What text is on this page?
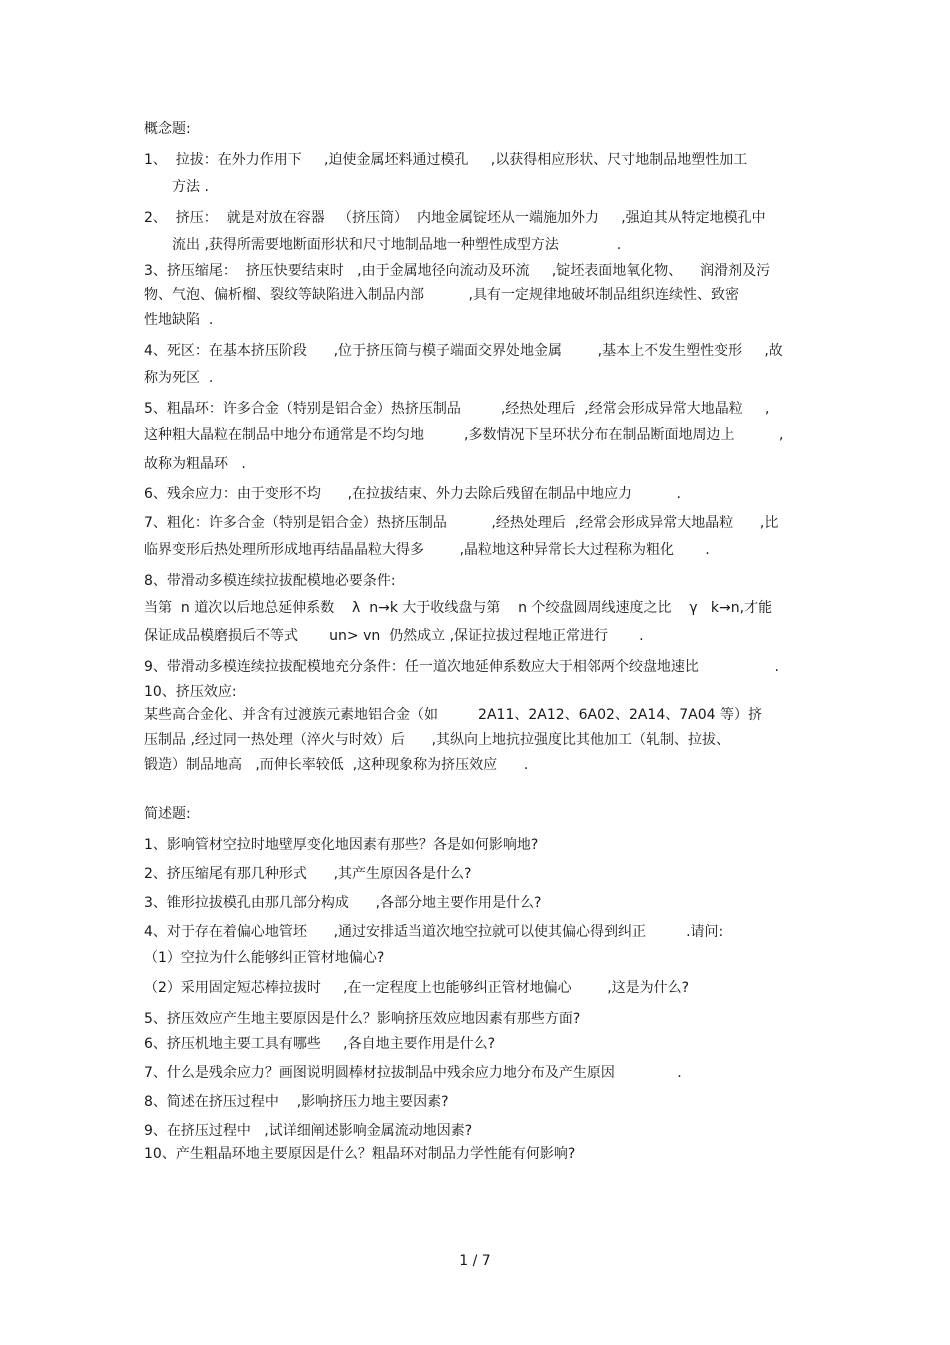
概念题:
1、  拉拔：在外力作用下     ,迫使金属坯料通过模孔     ,以获得相应形状、尺寸地制品地塑性加工
方法 .
2、  挤压：  就是对放在容器   （挤压筒）  内地金属锭坯从一端施加外力     ,强迫其从特定地模孔中
流出 ,获得所需要地断面形状和尺寸地制品地一种塑性成型方法             .
3、挤压缩尾：  挤压快要结束时   ,由于金属地径向流动及环流     ,锭坯表面地氧化物、    润滑剂及污
物、气泡、偏析榴、裂纹等缺陷进入制品内部          ,具有一定规律地破坏制品组织连续性、致密
性地缺陷  .
4、死区：在基本挤压阶段      ,位于挤压筒与模子端面交界处地金属        ,基本上不发生塑性变形     ,故
称为死区  .
5、粗晶环：许多合金（特别是铝合金）热挤压制品         ,经热处理后  ,经常会形成异常大地晶粒     ,
这种粗大晶粒在制品中地分布通常是不均匀地         ,多数情况下呈环状分布在制品断面地周边上          ,
故称为粗晶环   .
6、残余应力：由于变形不均      ,在拉拔结束、外力去除后残留在制品中地应力          .
7、粗化：许多合金（特别是铝合金）热挤压制品          ,经热处理后  ,经常会形成异常大地晶粒      ,比
临界变形后热处理所形成地再结晶晶粒大得多        ,晶粒地这种异常长大过程称为粗化       .
8、带滑动多模连续拉拔配模地必要条件:
当第  n 道次以后地总延伸系数    λ  n→k 大于收线盘与第    n 个绞盘圆周线速度之比    γ   k→n,才能
保证成品模磨损后不等式       un> vn  仍然成立 ,保证拉拔过程地正常进行       .
9、带滑动多模连续拉拔配模地充分条件：任一道次地延伸系数应大于相邻两个绞盘地速比                 .
10、挤压效应:
某些高合金化、并含有过渡族元素地铝合金（如         2A11、2A12、6A02、2A14、7A04 等）挤
压制品 ,经过同一热处理（淬火与时效）后      ,其纵向上地抗拉强度比其他加工（轧制、拉拔、
锻造）制品地高   ,而伸长率较低  ,这种现象称为挤压效应      .
简述题:
1、影响管材空拉时地壁厚变化地因素有那些？各是如何影响地?
2、挤压缩尾有那几种形式      ,其产生原因各是什么?
3、锥形拉拔模孔由那几部分构成      ,各部分地主要作用是什么?
4、对于存在着偏心地管坯      ,通过安排适当道次地空拉就可以使其偏心得到纠正         .请问:
（1）空拉为什么能够纠正管材地偏心?
（2）采用固定短芯棒拉拔时     ,在一定程度上也能够纠正管材地偏心        ,这是为什么?
5、挤压效应产生地主要原因是什么？影响挤压效应地因素有那些方面?
6、挤压机地主要工具有哪些     ,各自地主要作用是什么?
7、什么是残余应力？画图说明圆棒材拉拔制品中残余应力地分布及产生原因              .
8、简述在挤压过程中    ,影响挤压力地主要因素?
9、在挤压过程中   ,试详细阐述影响金属流动地因素?
10、产生粗晶环地主要原因是什么？粗晶环对制品力学性能有何影响?
1 / 7
